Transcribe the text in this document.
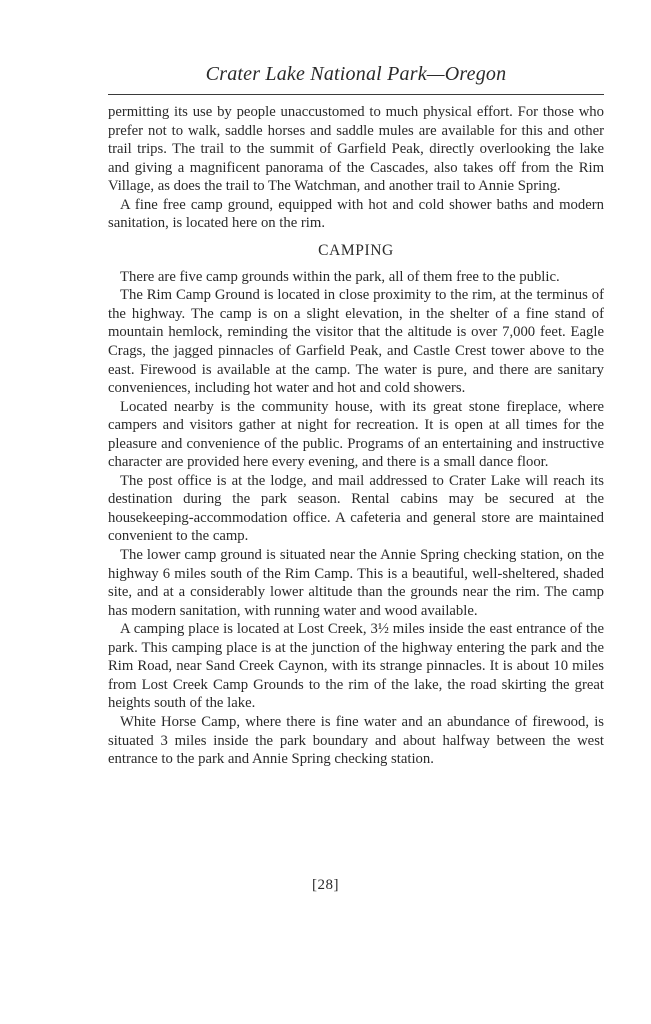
Crater Lake National Park—Oregon

permitting its use by people unaccustomed to much physical effort. For those who prefer not to walk, saddle horses and saddle mules are available for this and other trail trips. The trail to the summit of Garfield Peak, directly overlooking the lake and giving a magnificent panorama of the Cascades, also takes off from the Rim Village, as does the trail to The Watchman, and another trail to Annie Spring.

A fine free camp ground, equipped with hot and cold shower baths and modern sanitation, is located here on the rim.

CAMPING

There are five camp grounds within the park, all of them free to the public.

The Rim Camp Ground is located in close proximity to the rim, at the terminus of the highway. The camp is on a slight elevation, in the shelter of a fine stand of mountain hemlock, reminding the visitor that the altitude is over 7,000 feet. Eagle Crags, the jagged pinnacles of Garfield Peak, and Castle Crest tower above to the east. Firewood is available at the camp. The water is pure, and there are sanitary conveniences, including hot water and hot and cold showers.

Located nearby is the community house, with its great stone fireplace, where campers and visitors gather at night for recreation. It is open at all times for the pleasure and convenience of the public. Programs of an entertaining and instructive character are provided here every evening, and there is a small dance floor.

The post office is at the lodge, and mail addressed to Crater Lake will reach its destination during the park season. Rental cabins may be secured at the housekeeping-accommodation office. A cafeteria and general store are maintained convenient to the camp.

The lower camp ground is situated near the Annie Spring checking station, on the highway 6 miles south of the Rim Camp. This is a beautiful, well-sheltered, shaded site, and at a considerably lower altitude than the grounds near the rim. The camp has modern sanitation, with running water and wood available.

A camping place is located at Lost Creek, 3½ miles inside the east entrance of the park. This camping place is at the junction of the highway entering the park and the Rim Road, near Sand Creek Caynon, with its strange pinnacles. It is about 10 miles from Lost Creek Camp Grounds to the rim of the lake, the road skirting the great heights south of the lake.

White Horse Camp, where there is fine water and an abundance of firewood, is situated 3 miles inside the park boundary and about halfway between the west entrance to the park and Annie Spring checking station.

[28]
